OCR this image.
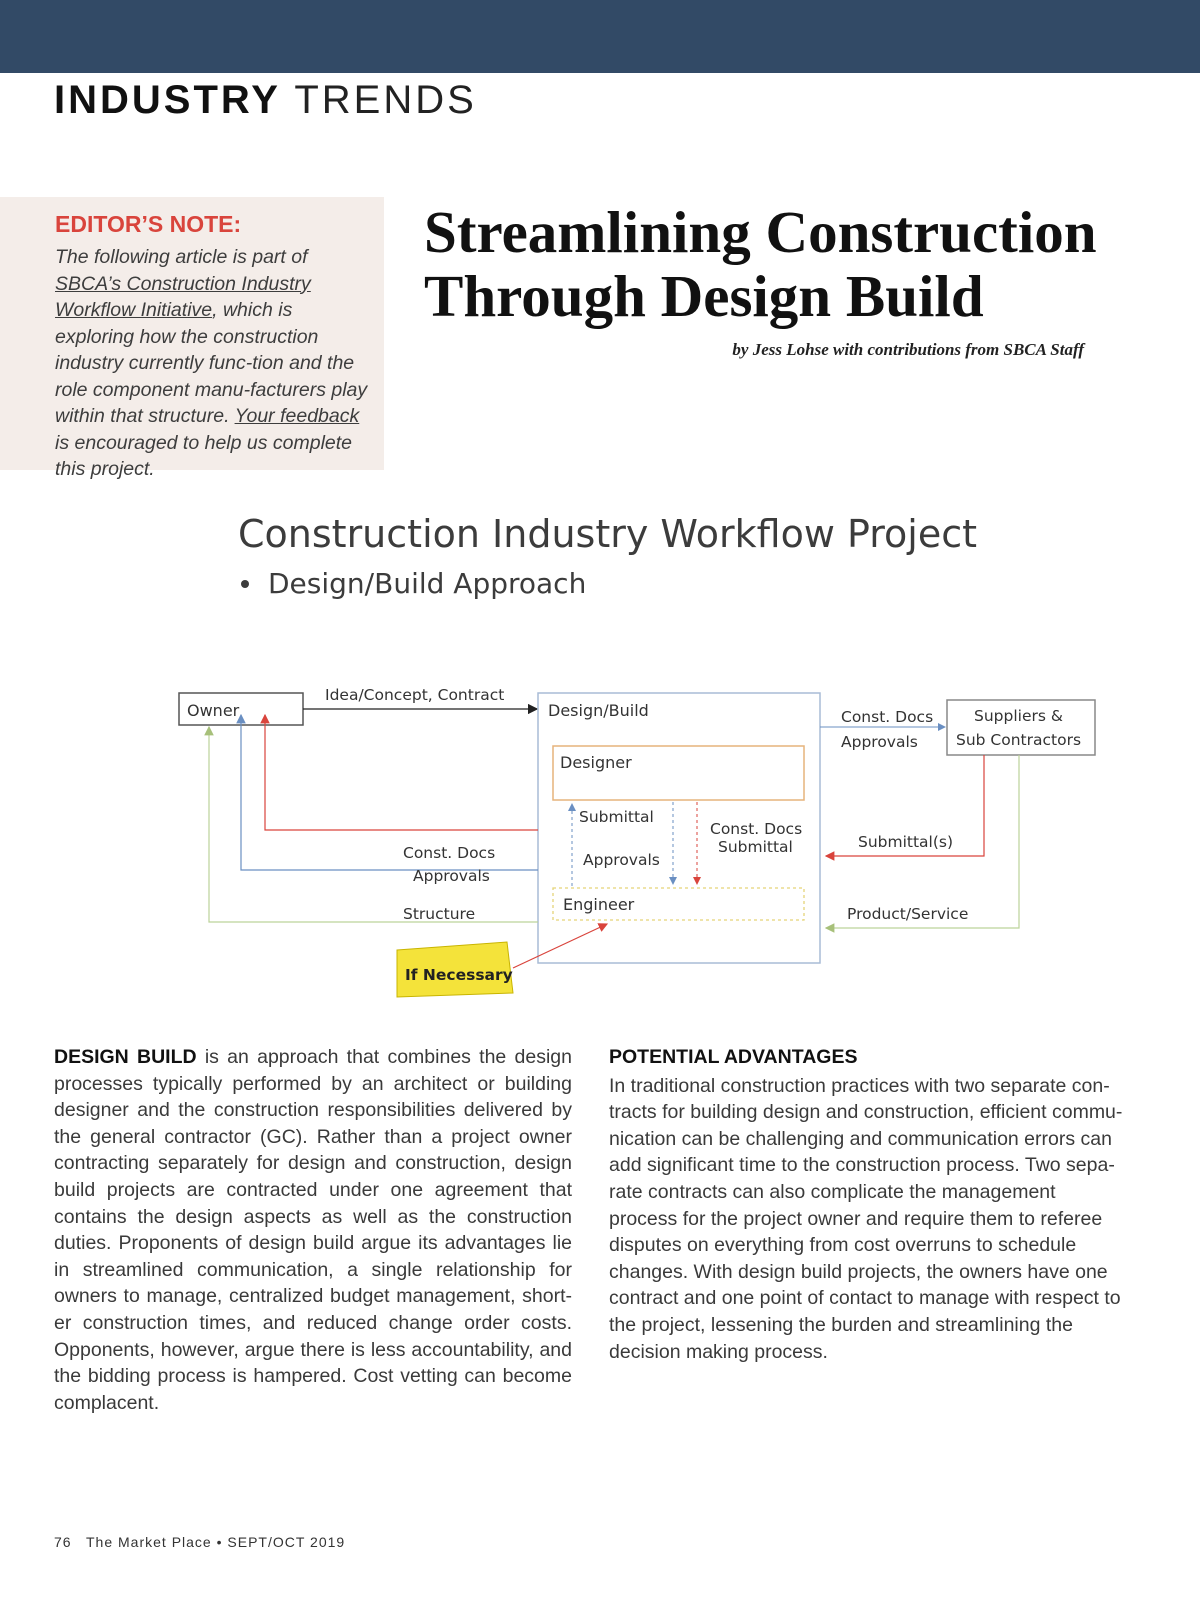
INDUSTRY TRENDS
EDITOR’S NOTE:
The following article is part of SBCA’s Construction Industry Workflow Initiative, which is exploring how the construction industry currently func-tion and the role component manu-facturers play within that structure. Your feedback is encouraged to help us complete this project.
Streamlining Construction
Through Design Build
by Jess Lohse with contributions from SBCA Staff
Construction Industry Workflow Project
Design/Build Approach
Owner
Idea/Concept, Contract
Design/Build
Designer
Engineer
Submittal
Approvals
Const. Docs
Submittal
Const. Docs
Approvals
Structure
If Necessary
Suppliers &
Sub Contractors
Const. Docs
Approvals
Submittal(s)
Product/Service
DESIGN BUILD is an approach that combines the design processes typically performed by an architect or building designer and the construction responsibilities delivered by the general contractor (GC). Rather than a project owner contracting separately for design and construction, design build projects are contracted under one agreement that contains the design aspects as well as the construction duties. Proponents of design build argue its advantages lie in streamlined communication, a single relationship for owners to manage, centralized budget management, short-er construction times, and reduced change order costs. Opponents, however, argue there is less accountability, and the bidding process is hampered. Cost vetting can become complacent.
POTENTIAL ADVANTAGES
In traditional construction practices with two separate con-tracts for building design and construction, efficient commu-nication can be challenging and communication errors can add significant time to the construction process. Two sepa-rate contracts can also complicate the management process for the project owner and require them to referee disputes on everything from cost overruns to schedule changes. With design build projects, the owners have one contract and one point of contact to manage with respect to the project, lessening the burden and streamlining the decision making process.
76 The Market Place • SEPT/OCT 2019
